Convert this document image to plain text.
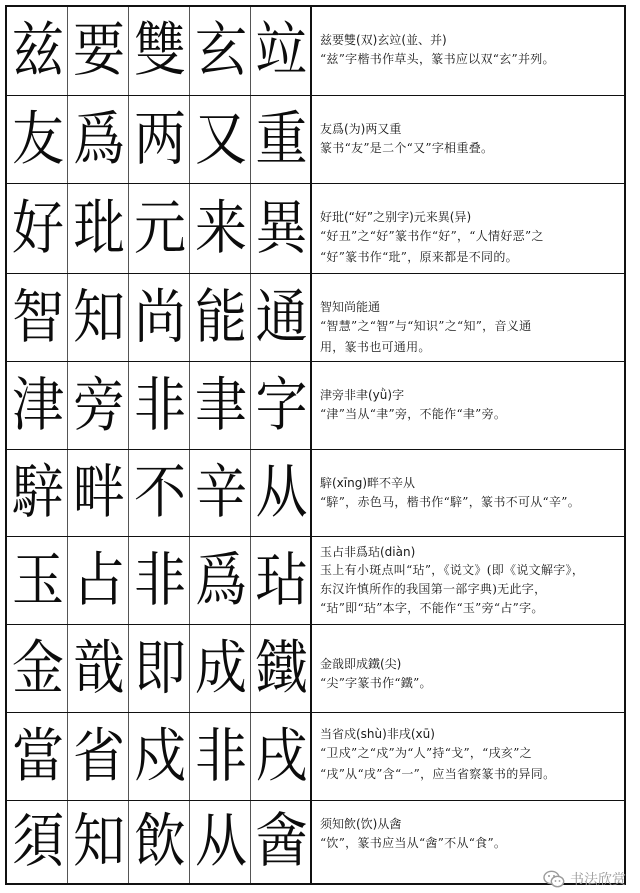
兹 要 雙 玄 竝 兹要雙(双)玄竝(並、并)
“兹”字楷书作草头，篆书应以双“玄”并列。
友 爲 两 又 重 友爲(为)两又重
篆书“友”是二个“又”字相重叠。
好 玭 元 来 異 好玭(“好”之别字)元来異(异)
“好丑”之“好”篆书作“好”，“人情好恶”之
“好”篆书作“玭”，原来都是不同的。
智 知 尚 能 通 智知尚能通
“智慧”之“智”与“知识”之“知”，音义通
用，篆书也可通用。
津 旁 非 聿 字 津旁非聿(yǜ)字
“津”当从“聿”旁，不能作“聿”旁。
騂 畔 不 辛 从 騂(xīng)畔不辛从
“騂”，赤色马，楷书作“騂”，篆书不可从“辛”。
玉 占 非 爲 玷 玉占非爲玷(diàn)
玉上有小斑点叫“玷”，《说文》(即《说文解字》，
东汉许慎所作的我国第一部字典)无此字，
“玷”即“玷”本字，不能作“玉”旁“占”字。
金 戠 即 成 鐵 金戠即成鐵(尖)
“尖”字篆书作“鐵”。
當 省 戍 非 戌 当省戍(shù)非戌(xū)
“卫戍”之“戍”为“人”持“戈”，“戌亥”之
“戌”从“戌”含“一”，应当省察篆书的异同。
須 知 飲 从 酓 须知飲(饮)从酓
“饮”，篆书应当从“酓”不从“食”。
书法欣赏
